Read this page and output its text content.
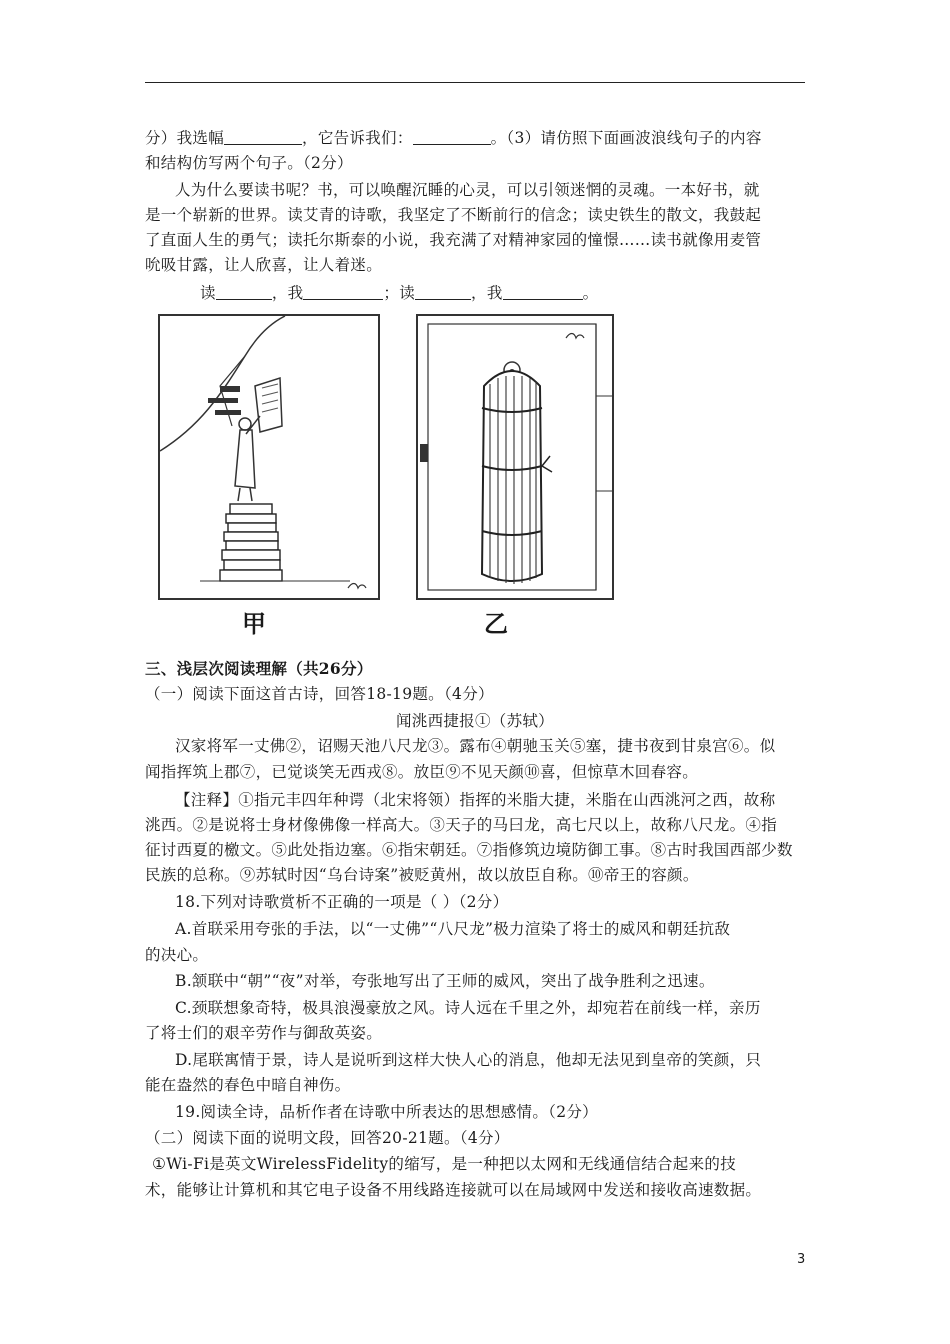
分）我选幅	，它告诉我们：	。（3）请仿照下面画波浪线句子的内容
和结构仿写两个句子。（2分）
人为什么要读书呢？书，可以唤醒沉睡的心灵，可以引领迷惘的灵魂。一本好书，就
是一个崭新的世界。读艾青的诗歌，我坚定了不断前行的信念；读史铁生的散文，我鼓起
了直面人生的勇气；读托尔斯泰的小说，我充满了对精神家园的憧憬……读书就像用麦管
吮吸甘露，让人欣喜，让人着迷。
读	，我	；读	，我	。
甲	乙
三、浅层次阅读理解（共26分）
（一）阅读下面这首古诗，回答18-19题。（4分）
闻洮西捷报①（苏轼）
汉家将军一丈佛②，诏赐天池八尺龙③。露布④朝驰玉关⑤塞，捷书夜到甘泉宫⑥。似
闻指挥筑上郡⑦，已觉谈笑无西戎⑧。放臣⑨不见天颜⑩喜，但惊草木回春容。
【注释】①指元丰四年种谔（北宋将领）指挥的米脂大捷，米脂在山西洮河之西，故称
洮西。②是说将士身材像佛像一样高大。③天子的马曰龙，高七尺以上，故称八尺龙。④指
征讨西夏的檄文。⑤此处指边塞。⑥指宋朝廷。⑦指修筑边境防御工事。⑧古时我国西部少数
民族的总称。⑨苏轼时因“乌台诗案”被贬黄州，故以放臣自称。⑩帝王的容颜。
18.下列对诗歌赏析不正确的一项是（ ）（2分）
A.首联采用夸张的手法，以“一丈佛”“八尺龙”极力渲染了将士的威风和朝廷抗敌
的决心。
B.颔联中“朝”“夜”对举，夸张地写出了王师的威风，突出了战争胜利之迅速。
C.颈联想象奇特，极具浪漫豪放之风。诗人远在千里之外，却宛若在前线一样，亲历
了将士们的艰辛劳作与御敌英姿。
D.尾联寓情于景，诗人是说听到这样大快人心的消息，他却无法见到皇帝的笑颜，只
能在盎然的春色中暗自神伤。
19.阅读全诗，品析作者在诗歌中所表达的思想感情。（2分）
（二）阅读下面的说明文段，回答20-21题。（4分）
①Wi-Fi是英文WirelessFidelity的缩写，是一种把以太网和无线通信结合起来的技
术，能够让计算机和其它电子设备不用线路连接就可以在局域网中发送和接收高速数据。
3
